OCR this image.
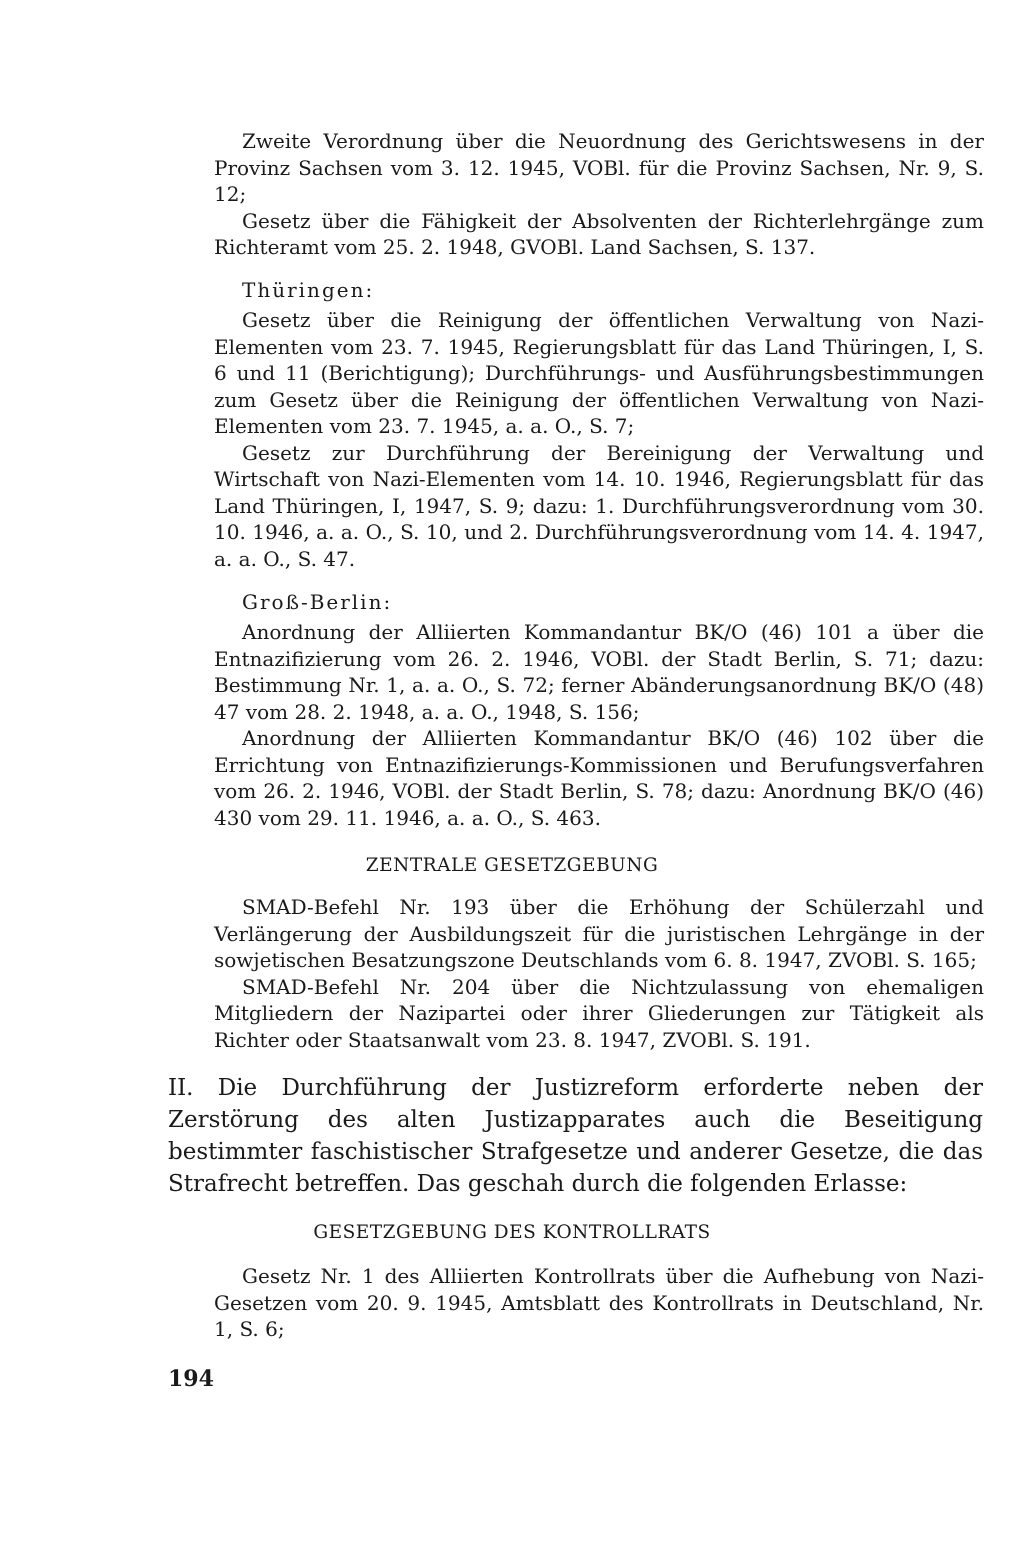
Zweite Verordnung über die Neuordnung des Gerichtswesens in der Provinz Sachsen vom 3. 12. 1945, VOBl. für die Provinz Sachsen, Nr. 9, S. 12;

Gesetz über die Fähigkeit der Absolventen der Richterlehrgänge zum Richteramt vom 25. 2. 1948, GVOBl. Land Sachsen, S. 137.

Thüringen:

Gesetz über die Reinigung der öffentlichen Verwaltung von Nazi-Elementen vom 23. 7. 1945, Regierungsblatt für das Land Thüringen, I, S. 6 und 11 (Berichtigung); Durchführungs- und Ausführungsbestimmungen zum Gesetz über die Reinigung der öffentlichen Verwaltung von Nazi-Elementen vom 23. 7. 1945, a. a. O., S. 7;

Gesetz zur Durchführung der Bereinigung der Verwaltung und Wirtschaft von Nazi-Elementen vom 14. 10. 1946, Regierungsblatt für das Land Thüringen, I, 1947, S. 9; dazu: 1. Durchführungsverordnung vom 30. 10. 1946, a. a. O., S. 10, und 2. Durchführungsverordnung vom 14. 4. 1947, a. a. O., S. 47.

Groß-Berlin:

Anordnung der Alliierten Kommandantur BK/O (46) 101 a über die Entnazifizierung vom 26. 2. 1946, VOBl. der Stadt Berlin, S. 71; dazu: Bestimmung Nr. 1, a. a. O., S. 72; ferner Abänderungsanordnung BK/O (48) 47 vom 28. 2. 1948, a. a. O., 1948, S. 156;

Anordnung der Alliierten Kommandantur BK/O (46) 102 über die Errichtung von Entnazifizierungs-Kommissionen und Berufungsverfahren vom 26. 2. 1946, VOBl. der Stadt Berlin, S. 78; dazu: Anordnung BK/O (46) 430 vom 29. 11. 1946, a. a. O., S. 463.

ZENTRALE GESETZGEBUNG

SMAD-Befehl Nr. 193 über die Erhöhung der Schülerzahl und Verlängerung der Ausbildungszeit für die juristischen Lehrgänge in der sowjetischen Besatzungszone Deutschlands vom 6. 8. 1947, ZVOBl. S. 165;

SMAD-Befehl Nr. 204 über die Nichtzulassung von ehemaligen Mitgliedern der Nazipartei oder ihrer Gliederungen zur Tätigkeit als Richter oder Staatsanwalt vom 23. 8. 1947, ZVOBl. S. 191.

II. Die Durchführung der Justizreform erforderte neben der Zerstörung des alten Justizapparates auch die Beseitigung bestimmter faschistischer Strafgesetze und anderer Gesetze, die das Strafrecht betreffen. Das geschah durch die folgenden Erlasse:

GESETZGEBUNG DES KONTROLLRATS

Gesetz Nr. 1 des Alliierten Kontrollrats über die Aufhebung von Nazi-Gesetzen vom 20. 9. 1945, Amtsblatt des Kontrollrats in Deutschland, Nr. 1, S. 6;

194
